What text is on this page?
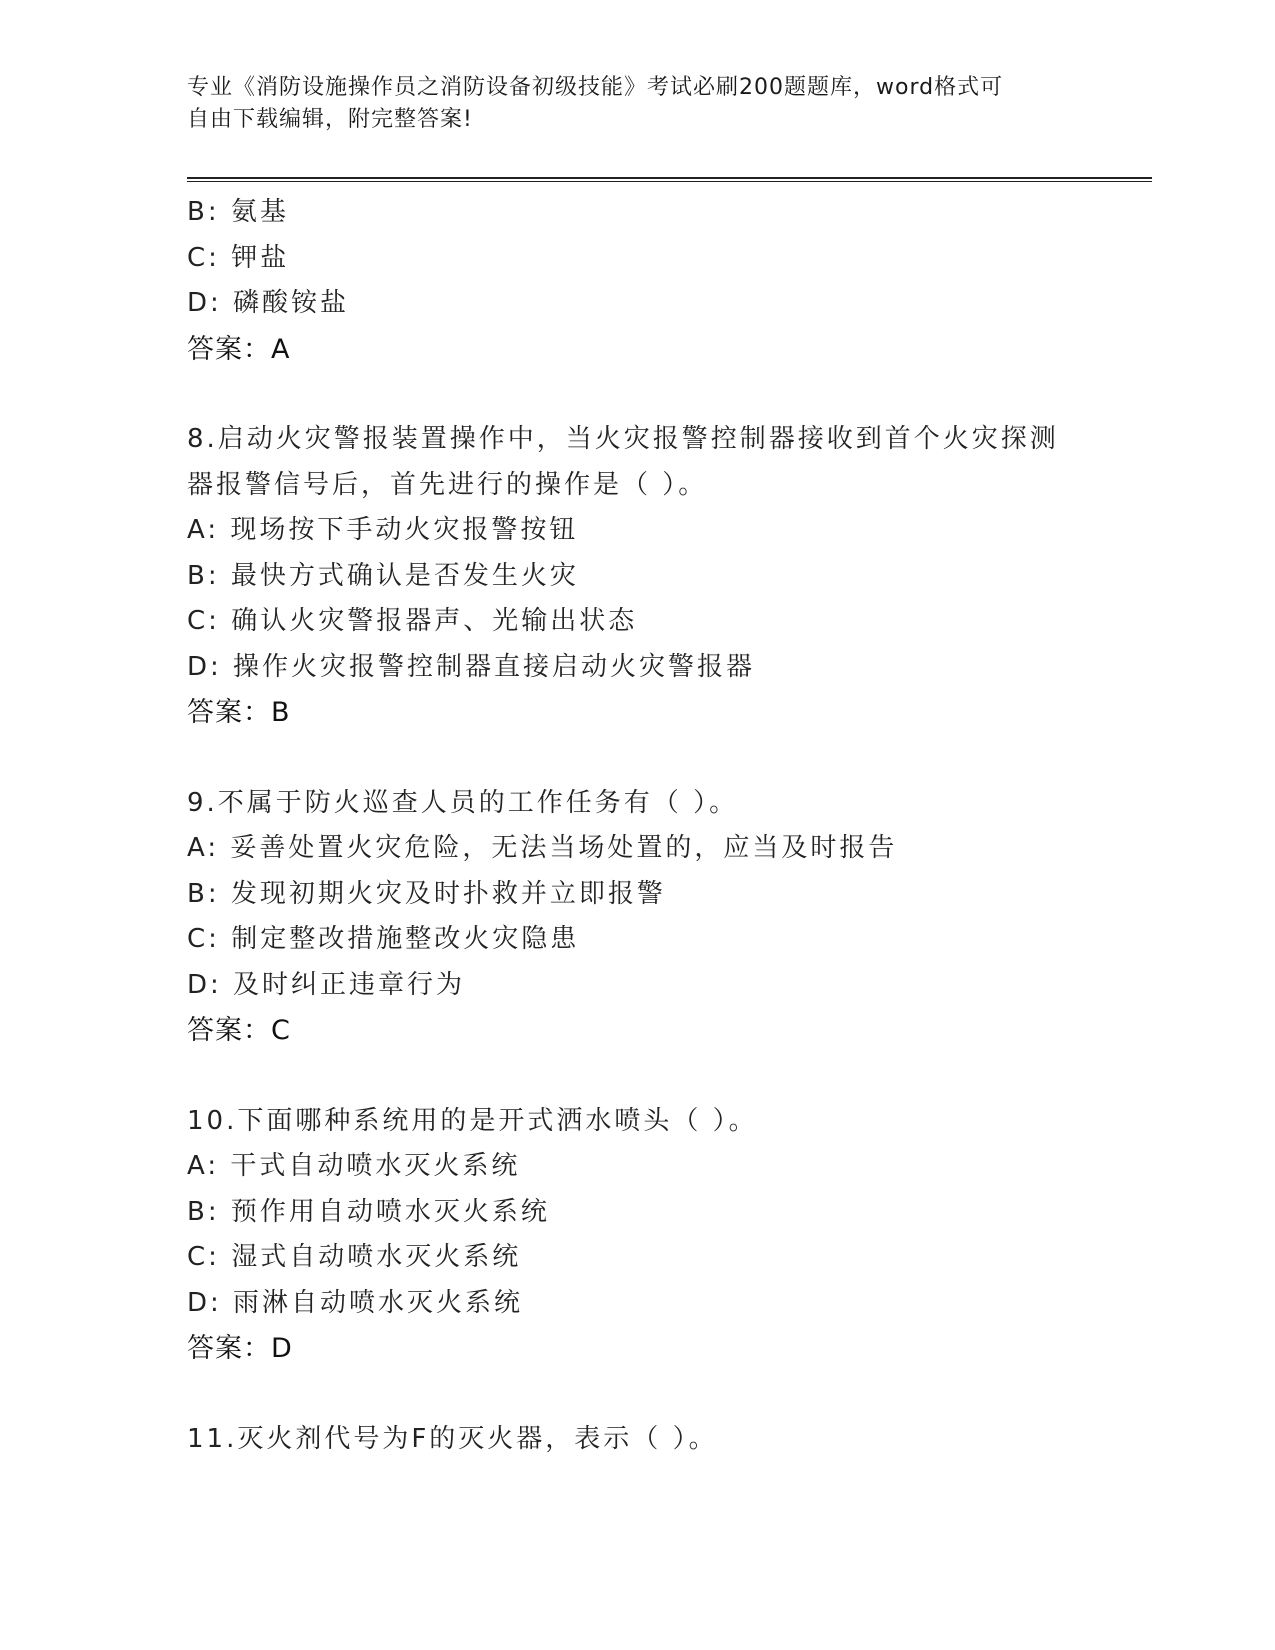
专业《消防设施操作员之消防设备初级技能》考试必刷200题题库，word格式可
自由下载编辑，附完整答案!
B: 氨基
C: 钾盐
D: 磷酸铵盐
答案：A
8.启动火灾警报装置操作中，当火灾报警控制器接收到首个火灾探测
器报警信号后，首先进行的操作是（ ）。
A: 现场按下手动火灾报警按钮
B: 最快方式确认是否发生火灾
C: 确认火灾警报器声、光输出状态
D: 操作火灾报警控制器直接启动火灾警报器
答案：B
9.不属于防火巡查人员的工作任务有（ ）。
A: 妥善处置火灾危险，无法当场处置的，应当及时报告
B: 发现初期火灾及时扑救并立即报警
C: 制定整改措施整改火灾隐患
D: 及时纠正违章行为
答案：C
10.下面哪种系统用的是开式洒水喷头（ ）。
A: 干式自动喷水灭火系统
B: 预作用自动喷水灭火系统
C: 湿式自动喷水灭火系统
D: 雨淋自动喷水灭火系统
答案：D
11.灭火剂代号为F的灭火器，表示（ ）。
